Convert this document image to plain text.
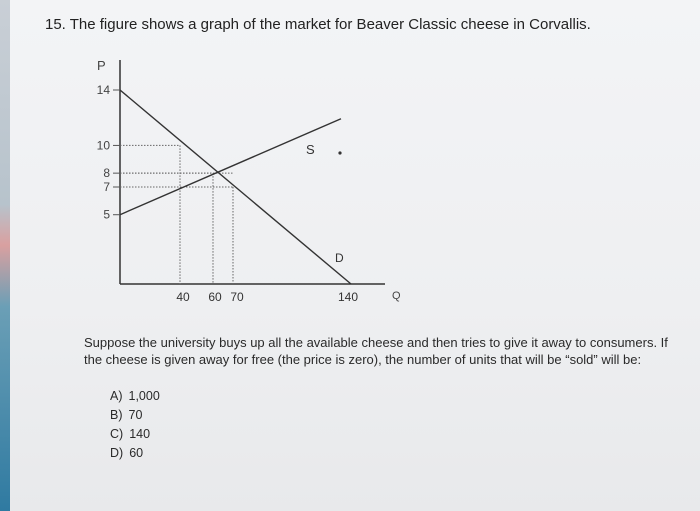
15. The figure shows a graph of the market for Beaver Classic cheese in Corvallis.
P
Q
14
10
8
7
5
40 60 70	140
S
D
Suppose the university buys up all the available cheese and then tries to give it away to consumers. If the cheese is given away for free (the price is zero), the number of units that will be “sold” will be:
A) 1,000
B) 70
C) 140
D) 60
